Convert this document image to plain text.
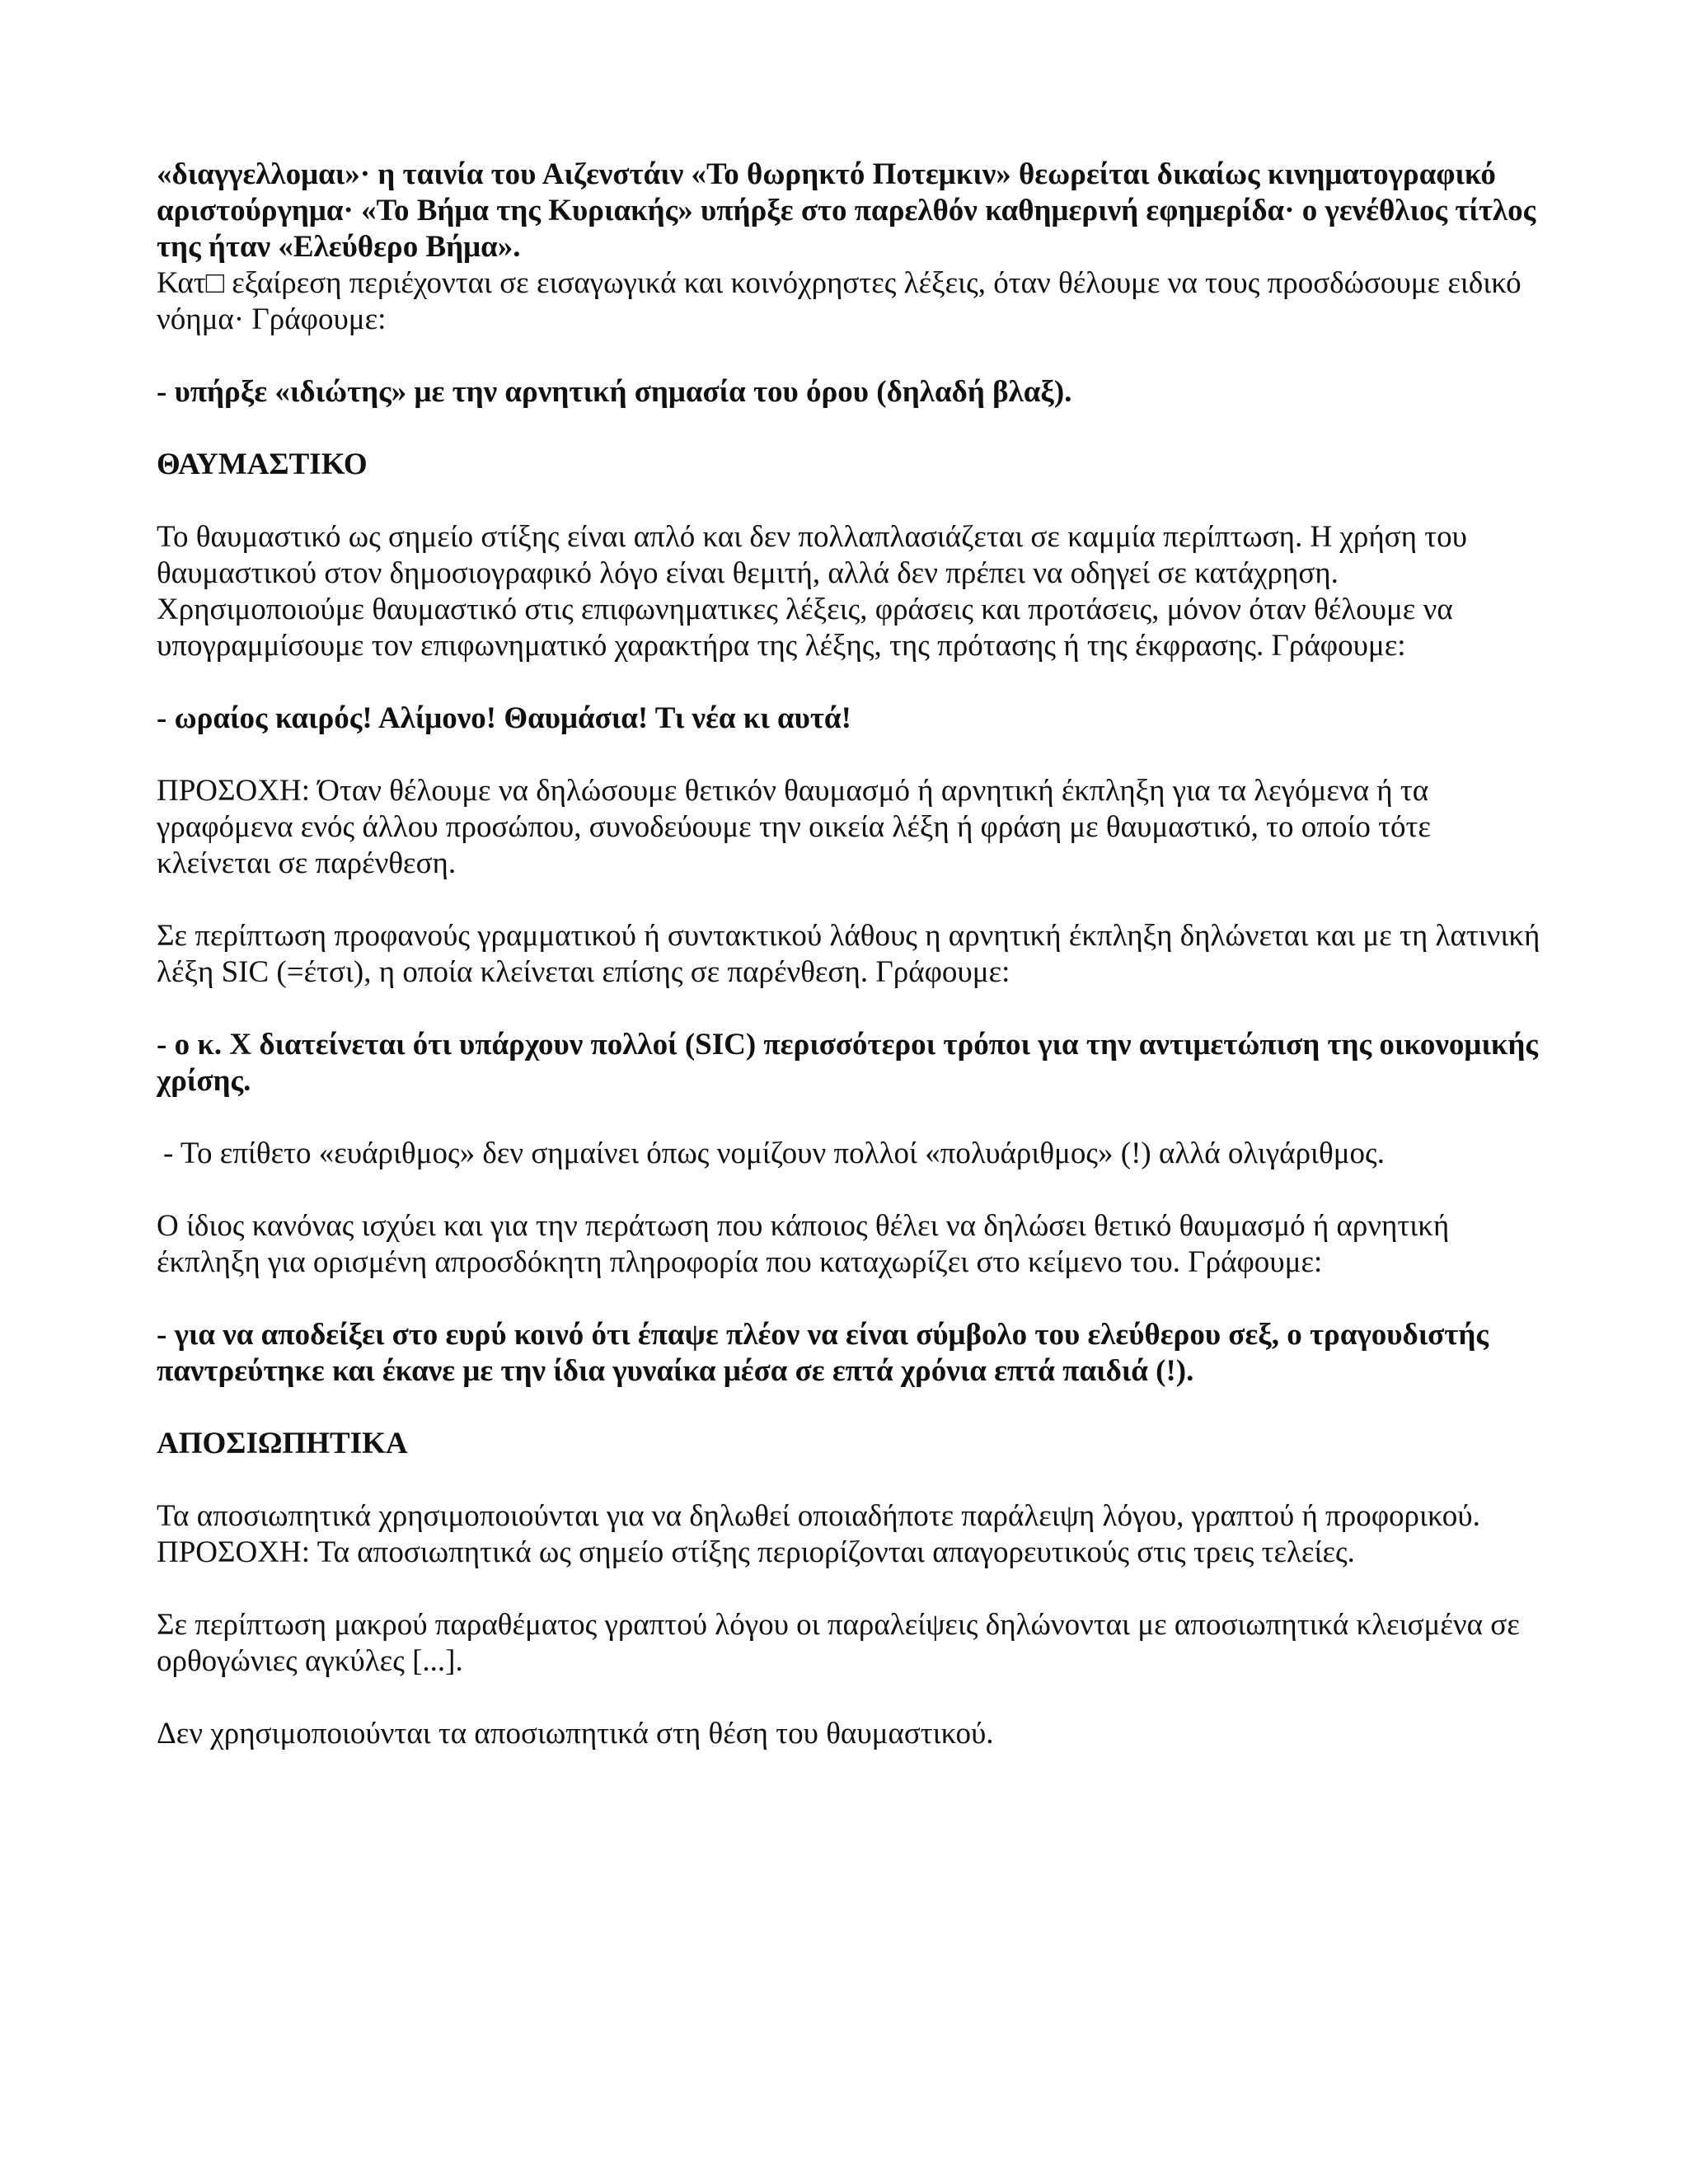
«διαγγελλομαι»· η ταινία του Αιζενστάιν «Το θωρηκτό Ποτεμκιν» θεωρείται δικαίως κινηματογραφικό αριστούργημα· «Το Βήμα της Κυριακής» υπήρξε στο παρελθόν καθημερινή εφημερίδα· ο γενέθλιος τίτλος της ήταν «Ελεύθερο Βήμα».

Κατ□ εξαίρεση περιέχονται σε εισαγωγικά και κοινόχρηστες λέξεις, όταν θέλουμε να τους προσδώσουμε ειδικό νόημα· Γράφουμε:

- υπήρξε «ιδιώτης» με την αρνητική σημασία του όρου (δηλαδή βλαξ).

ΘΑΥΜΑΣΤΙΚΟ

Το θαυμαστικό ως σημείο στίξης είναι απλό και δεν πολλαπλασιάζεται σε καμμία περίπτωση. Η χρήση του θαυμαστικού στον δημοσιογραφικό λόγο είναι θεμιτή, αλλά δεν πρέπει να οδηγεί σε κατάχρηση. Χρησιμοποιούμε θαυμαστικό στις επιφωνηματικες λέξεις, φράσεις και προτάσεις, μόνον όταν θέλουμε να υπογραμμίσουμε τον επιφωνηματικό χαρακτήρα της λέξης, της πρότασης ή της έκφρασης. Γράφουμε:

- ωραίος καιρός! Αλίμονο! Θαυμάσια! Τι νέα κι αυτά!

ΠΡΟΣΟΧΗ: Όταν θέλουμε να δηλώσουμε θετικόν θαυμασμό ή αρνητική έκπληξη για τα λεγόμενα ή τα γραφόμενα ενός άλλου προσώπου, συνοδεύουμε την οικεία λέξη ή φράση με θαυμαστικό, το οποίο τότε κλείνεται σε παρένθεση.

Σε περίπτωση προφανούς γραμματικού ή συντακτικού λάθους η αρνητική έκπληξη δηλώνεται και με τη λατινική λέξη SIC (=έτσι), η οποία κλείνεται επίσης σε παρένθεση. Γράφουμε:

- ο κ. Χ διατείνεται ότι υπάρχουν πολλοί (SIC) περισσότεροι τρόποι για την αντιμετώπιση της οικονομικής χρίσης.

- Το επίθετο «ευάριθμος» δεν σημαίνει όπως νομίζουν πολλοί «πολυάριθμος» (!) αλλά ολιγάριθμος.

Ο ίδιος κανόνας ισχύει και για την περάτωση που κάποιος θέλει να δηλώσει θετικό θαυμασμό ή αρνητική έκπληξη για ορισμένη απροσδόκητη πληροφορία που καταχωρίζει στο κείμενο του. Γράφουμε:

- για να αποδείξει στο ευρύ κοινό ότι έπαψε πλέον να είναι σύμβολο του ελεύθερου σεξ, ο τραγουδιστής παντρεύτηκε και έκανε με την ίδια γυναίκα μέσα σε επτά χρόνια επτά παιδιά (!).

ΑΠΟΣΙΩΠΗΤΙΚΑ

Τα αποσιωπητικά χρησιμοποιούνται για να δηλωθεί οποιαδήποτε παράλειψη λόγου, γραπτού ή προφορικού.

ΠΡΟΣΟΧΗ: Τα αποσιωπητικά ως σημείο στίξης περιορίζονται απαγορευτικούς στις τρεις τελείες.

Σε περίπτωση μακρού παραθέματος γραπτού λόγου οι παραλείψεις δηλώνονται με αποσιωπητικά κλεισμένα σε ορθογώνιες αγκύλες [...].

Δεν χρησιμοποιούνται τα αποσιωπητικά στη θέση του θαυμαστικού.
